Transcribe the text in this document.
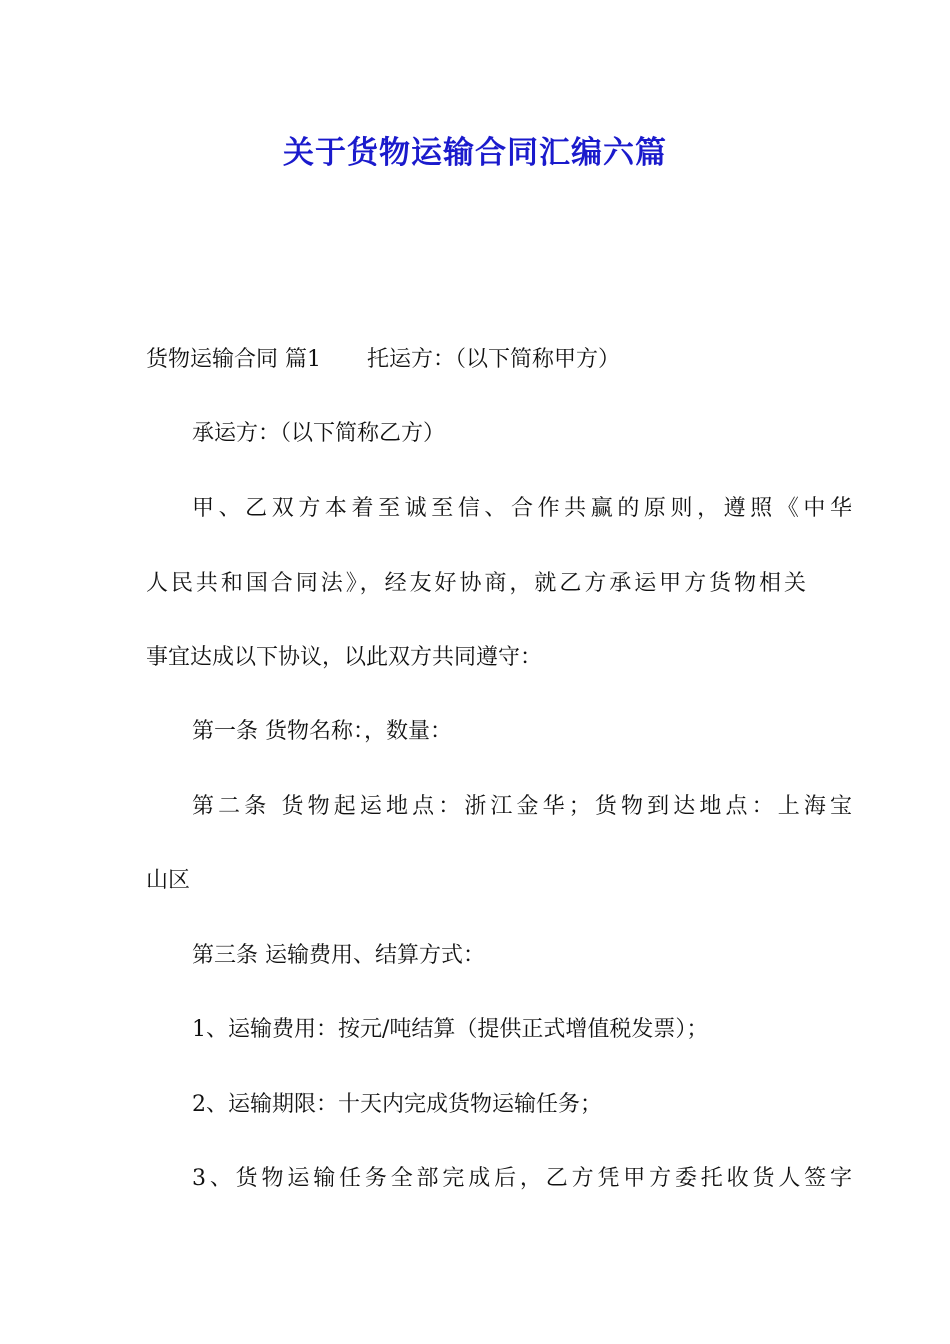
关于货物运输合同汇编六篇
货物运输合同 篇1 托运方：（以下简称甲方）
承运方：（以下简称乙方）
甲、乙双方本着至诚至信、合作共赢的原则，遵照《中华
人民共和国合同法》，经友好协商，就乙方承运甲方货物相关
事宜达成以下协议，以此双方共同遵守：
第一条 货物名称：，数量：
第二条 货物起运地点：浙江金华；货物到达地点：上海宝
山区
第三条 运输费用、结算方式：
1、运输费用：按元/吨结算（提供正式增值税发票）；
2、运输期限：十天内完成货物运输任务；
3、货物运输任务全部完成后，乙方凭甲方委托收货人签字
